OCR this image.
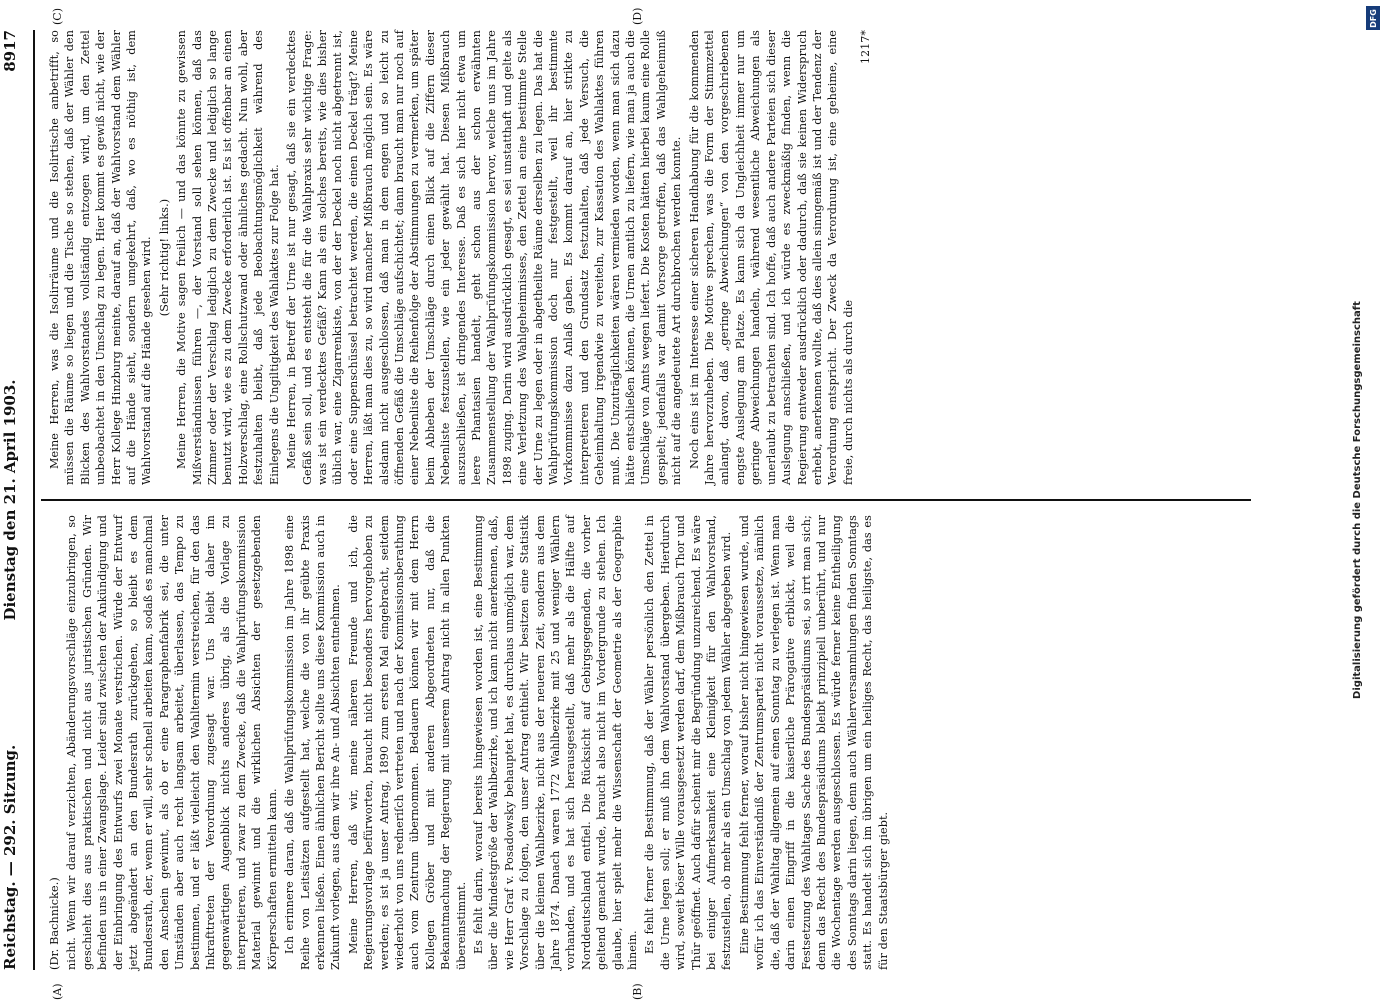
Reichstag. — 292. Sitzung.
Dienstag den 21. April 1903.
8917

(Dr. Bachnicke.) nicht. Wenn wir darauf verzichten, Abänderungsvorschläge einzubringen, so geschieht dies aus praktischen und nicht aus juristischen Gründen. Wir befinden uns in einer Zwangslage. Leider sind zwischen der Ankündigung und der Einbringung des Entwurfs zwei Monate verstrichen. Würde der Entwurf jetzt abgeändert an den Bundesrath zurückgehen, so bleibt es dem Bundesrath, der, wenn er will, sehr schnell arbeiten kann, sodaß es manchmal den Anschein gewinnt, als ob er eine Paragraphenfabrik sei, die unter Umständen aber auch recht langsam arbeitet, überlassen, das Tempo zu bestimmen, und er läßt vielleicht den Wahltermin verstreichen, für den das Inkrafttreten der Verordnung zugesagt war. Uns bleibt daher im gegenwärtigen Augenblick nichts anderes übrig, als die Vorlage zu interpretieren, und zwar zu dem Zwecke, daß die Wahlprüfungskommission Material gewinnt und die wirklichen Absichten der gesetzgebenden Körperschaften ermitteln kann. Ich erinnere daran, daß die Wahlprüfungskommission im Jahre 1898 eine Reihe von Leitsätzen aufgestellt hat, welche die von ihr geübte Praxis erkennen ließen. Einen ähnlichen Bericht sollte uns diese Kommission auch in Zukunft vorlegen, aus dem wir ihre An- und Absichten entnehmen. Meine Herren, daß wir, meine näheren Freunde und ich, die Regierungsvorlage befürworten, braucht nicht besonders hervorgehoben zu werden; es ist ja unser Antrag, 1890 zum ersten Mal eingebracht, seitdem wiederholt von uns redneriſch vertreten und nach der Kommissionsberathung auch vom Zentrum übernommen. Bedauern können wir mit dem Herrn Kollegen Gröber und mit anderen Abgeordneten nur, daß die Bekanntmachung der Regierung mit unserem Antrag nicht in allen Punkten übereinstimmt. Es fehlt darin, worauf bereits hingewiesen worden ist, eine Bestimmung über die Mindestgröße der Wahlbezirke, und ich kann nicht anerkennen, daß, wie Herr Graf v. Posadowsky behauptet hat, es durchaus unmöglich war, dem Vorschlage zu folgen, den unser Antrag enthielt. Wir besitzen eine Statistik über die kleinen Wahlbezirke, nicht aus der neueren Zeit, sondern aus dem Jahre 1874. Danach waren 1772 Wahlbezirke mit 25 und weniger Wählern vorhanden, und es hat sich herausgestellt, daß mehr als die Hälfte auf Norddeutschland entfiel. Die Rücksicht auf Gebirgsgegenden, die vorher geltend gemacht wurde, braucht also nicht im Vordergrunde zu stehen. Ich glaube, hier spielt mehr die Wissenschaft der Geometrie als der Geographie hinein. Es fehlt ferner die Bestimmung, daß der Wähler persönlich den Zettel in die Urne legen soll; er muß ihn dem Wahlvorstand übergeben. Hierdurch wird, soweit böser Wille vorausgesetzt werden darf, dem Mißbrauch Thor und Thür geöffnet. Auch dafür scheint mir die Begründung unzureichend. Es wäre bei einiger Aufmerksamkeit eine Kleinigkeit für den Wahlvorstand, festzustellen, ob mehr als ein Umschlag von jedem Wähler abgegeben wird. Eine Bestimmung fehlt ferner, worauf bisher nicht hingewiesen wurde, und wofür ich das Einverständniß der Zentrumspartei nicht voraussetze, nämlich die, daß der Wahltag allgemein auf einen Sonntag zu verlegen ist. Wenn man darin einen Eingriff in die kaiserliche Prärogative erblickt, weil die Festsetzung des Wahltages Sache des Bundespräsidiums sei, so irrt man sich; denn das Recht des Bundespräsidiums bleibt prinzipiell unberührt, und nur die Wochentage werden ausgeschlossen. Es würde ferner keine Entheiligung des Sonntags darin liegen, denn auch Wählerversammlungen finden Sonntags statt. Es handelt sich im übrigen um ein heiliges Recht, das heiligste, das es für den Staatsbürger giebt.

Meine Herren, was die Isolirräume und die Isolirtische anbetrifft, so müssen die Räume so liegen und die Tische so stehen, daß der Wähler den Blicken des Wahlvorstandes vollständig entzogen wird, um den Zettel unbeobachtet in den Umschlag zu legen. Hier kommt es gewiß nicht, wie der Herr Kollege Hinzburg meinte, darauf an, daß der Wahlvorstand dem Wähler auf die Hände sieht, sondern umgekehrt, daß, wo es nöthig ist, dem Wahlvorstand auf die Hände gesehen wird. (Sehr richtig! links.) Meine Herren, die Motive sagen freilich — und das könnte zu gewissen Mißverständnissen führen —, der Vorstand soll sehen können, daß das Zimmer oder der Verschlag lediglich zu dem Zwecke und lediglich so lange benutzt wird, wie es zu dem Zwecke erforderlich ist. Es ist offenbar an einen Holzverschlag, eine Rollschutzwand oder ähnliches gedacht. Nun wohl, aber festzuhalten bleibt, daß jede Beobachtungsmöglichkeit während des Einlegens die Ungiltigkeit des Wahlaktes zur Folge hat. Meine Herren, in Betreff der Urne ist nur gesagt, daß sie ein verdecktes Gefäß sein soll, und es entsteht die für die Wahlpraxis sehr wichtige Frage: was ist ein verdecktes Gefäß? Kann als ein solches bereits, wie dies bisher üblich war, eine Zigarrenkiste, von der der Deckel noch nicht abgetrennt ist, oder eine Suppenschüssel betrachtet werden, die einen Deckel trägt? Meine Herren, läßt man dies zu, so wird mancher Mißbrauch möglich sein. Es wäre alsdann nicht ausgeschlossen, daß man in dem engen und so leicht zu öffnenden Gefäß die Umschläge aufschichtet; dann braucht man nur noch auf einer Nebenliste die Reihenfolge der Abstimmungen zu vermerken, um später beim Abheben der Umschläge durch einen Blick auf die Ziffern dieser Nebenliste festzustellen, wie ein jeder gewählt hat. Diesen Mißbrauch auszuschließen, ist dringendes Interesse. Daß es sich hier nicht etwa um leere Phantasien handelt, geht schon aus der schon erwähnten Zusammenstellung der Wahlprüfungskommission hervor, welche uns im Jahre 1898 zuging. Darin wird ausdrücklich gesagt, es sei unstatthaft und gelte als eine Verletzung des Wahlgeheimnisses, den Zettel an eine bestimmte Stelle der Urne zu legen oder in abgetheilte Räume derselben zu legen. Das hat die Wahlprüfungskommission doch nur festgestellt, weil ihr bestimmte Vorkommnisse dazu Anlaß gaben. Es kommt darauf an, hier strikte zu interpretieren und den Grundsatz festzuhalten, daß jede Versuch, die Geheimhaltung irgendwie zu vereiteln, zur Kassation des Wahlaktes führen muß. Die Unzuträglichkeiten wären vermieden worden, wenn man sich dazu hätte entschließen können, die Urnen amtlich zu liefern, wie man ja auch die Umschläge von Amts wegen liefert. Die Kosten hätten hierbei kaum eine Rolle gespielt; jedenfalls war damit Vorsorge getroffen, daß das Wahlgeheimniß nicht auf die angedeutete Art durchbrochen werden konnte. Noch eins ist im Interesse einer sicheren Handhabung für die kommenden Jahre hervorzuheben. Die Motive sprechen, was die Form der Stimmzettel anlangt, davon, daß „geringe Abweichungen“ von den vorgeschriebenen engste Auslegung am Platze. Es kann sich da Ungleichheit immer nur um geringe Abweichungen handeln, während wesentliche Abweichungen als unerlaubt zu betrachten sind. Ich hoffe, daß auch andere Parteien sich dieser Auslegung anschließen, und ich würde es zweckmäßig finden, wenn die Regierung entweder ausdrücklich oder dadurch, daß sie keinen Widerspruch erhebt, anerkennen wollte, daß dies allein sinngemäß ist und der Tendenz der Verordnung entspricht. Der Zweck da Verordnung ist, eine geheime, eine freie, durch nichts als durch die

1217*

(A)	(B)
(C)	(D)	DFG
Digitalisierung gefördert durch die Deutsche Forschungsgemeinschaft
